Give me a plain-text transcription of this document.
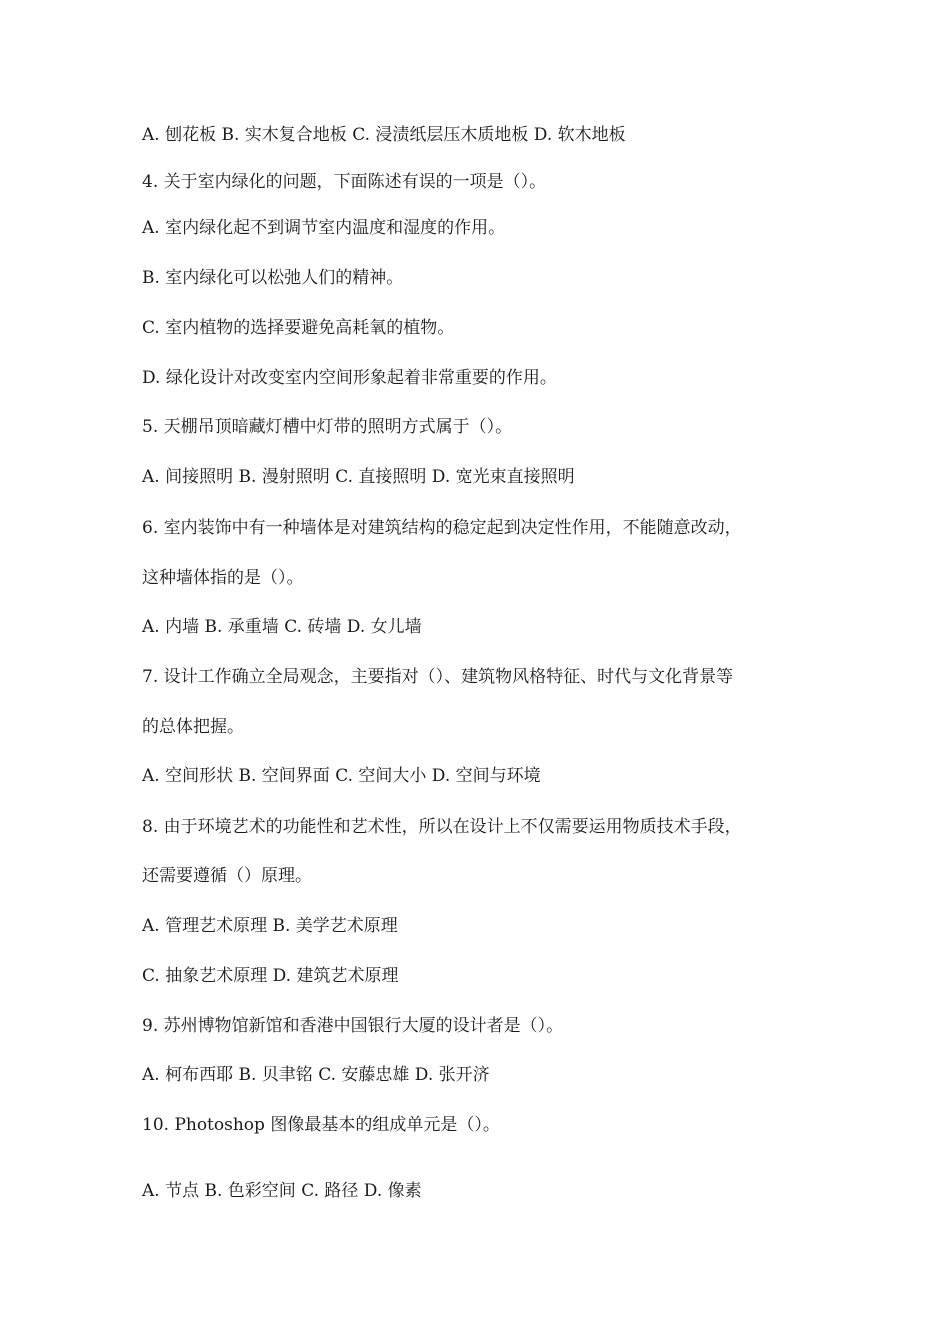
A. 刨花板 B. 实木复合地板 C. 浸渍纸层压木质地板 D. 软木地板
4. 关于室内绿化的问题，下面陈述有误的一项是（）。
A. 室内绿化起不到调节室内温度和湿度的作用。
B. 室内绿化可以松弛人们的精神。
C. 室内植物的选择要避免高耗氧的植物。
D. 绿化设计对改变室内空间形象起着非常重要的作用。
5. 天棚吊顶暗藏灯槽中灯带的照明方式属于（）。
A. 间接照明 B. 漫射照明 C. 直接照明 D. 宽光束直接照明
6. 室内装饰中有一种墙体是对建筑结构的稳定起到决定性作用，不能随意改动，
这种墙体指的是（）。
A. 内墙 B. 承重墙 C. 砖墙 D. 女儿墙
7. 设计工作确立全局观念，主要指对（）、建筑物风格特征、时代与文化背景等
的总体把握。
A. 空间形状 B. 空间界面 C. 空间大小 D. 空间与环境
8. 由于环境艺术的功能性和艺术性，所以在设计上不仅需要运用物质技术手段，
还需要遵循（）原理。
A. 管理艺术原理 B. 美学艺术原理
C. 抽象艺术原理 D. 建筑艺术原理
9. 苏州博物馆新馆和香港中国银行大厦的设计者是（）。
A. 柯布西耶 B. 贝聿铭 C. 安藤忠雄 D. 张开济
10. Photoshop 图像最基本的组成单元是（）。
A. 节点 B. 色彩空间 C. 路径 D. 像素
